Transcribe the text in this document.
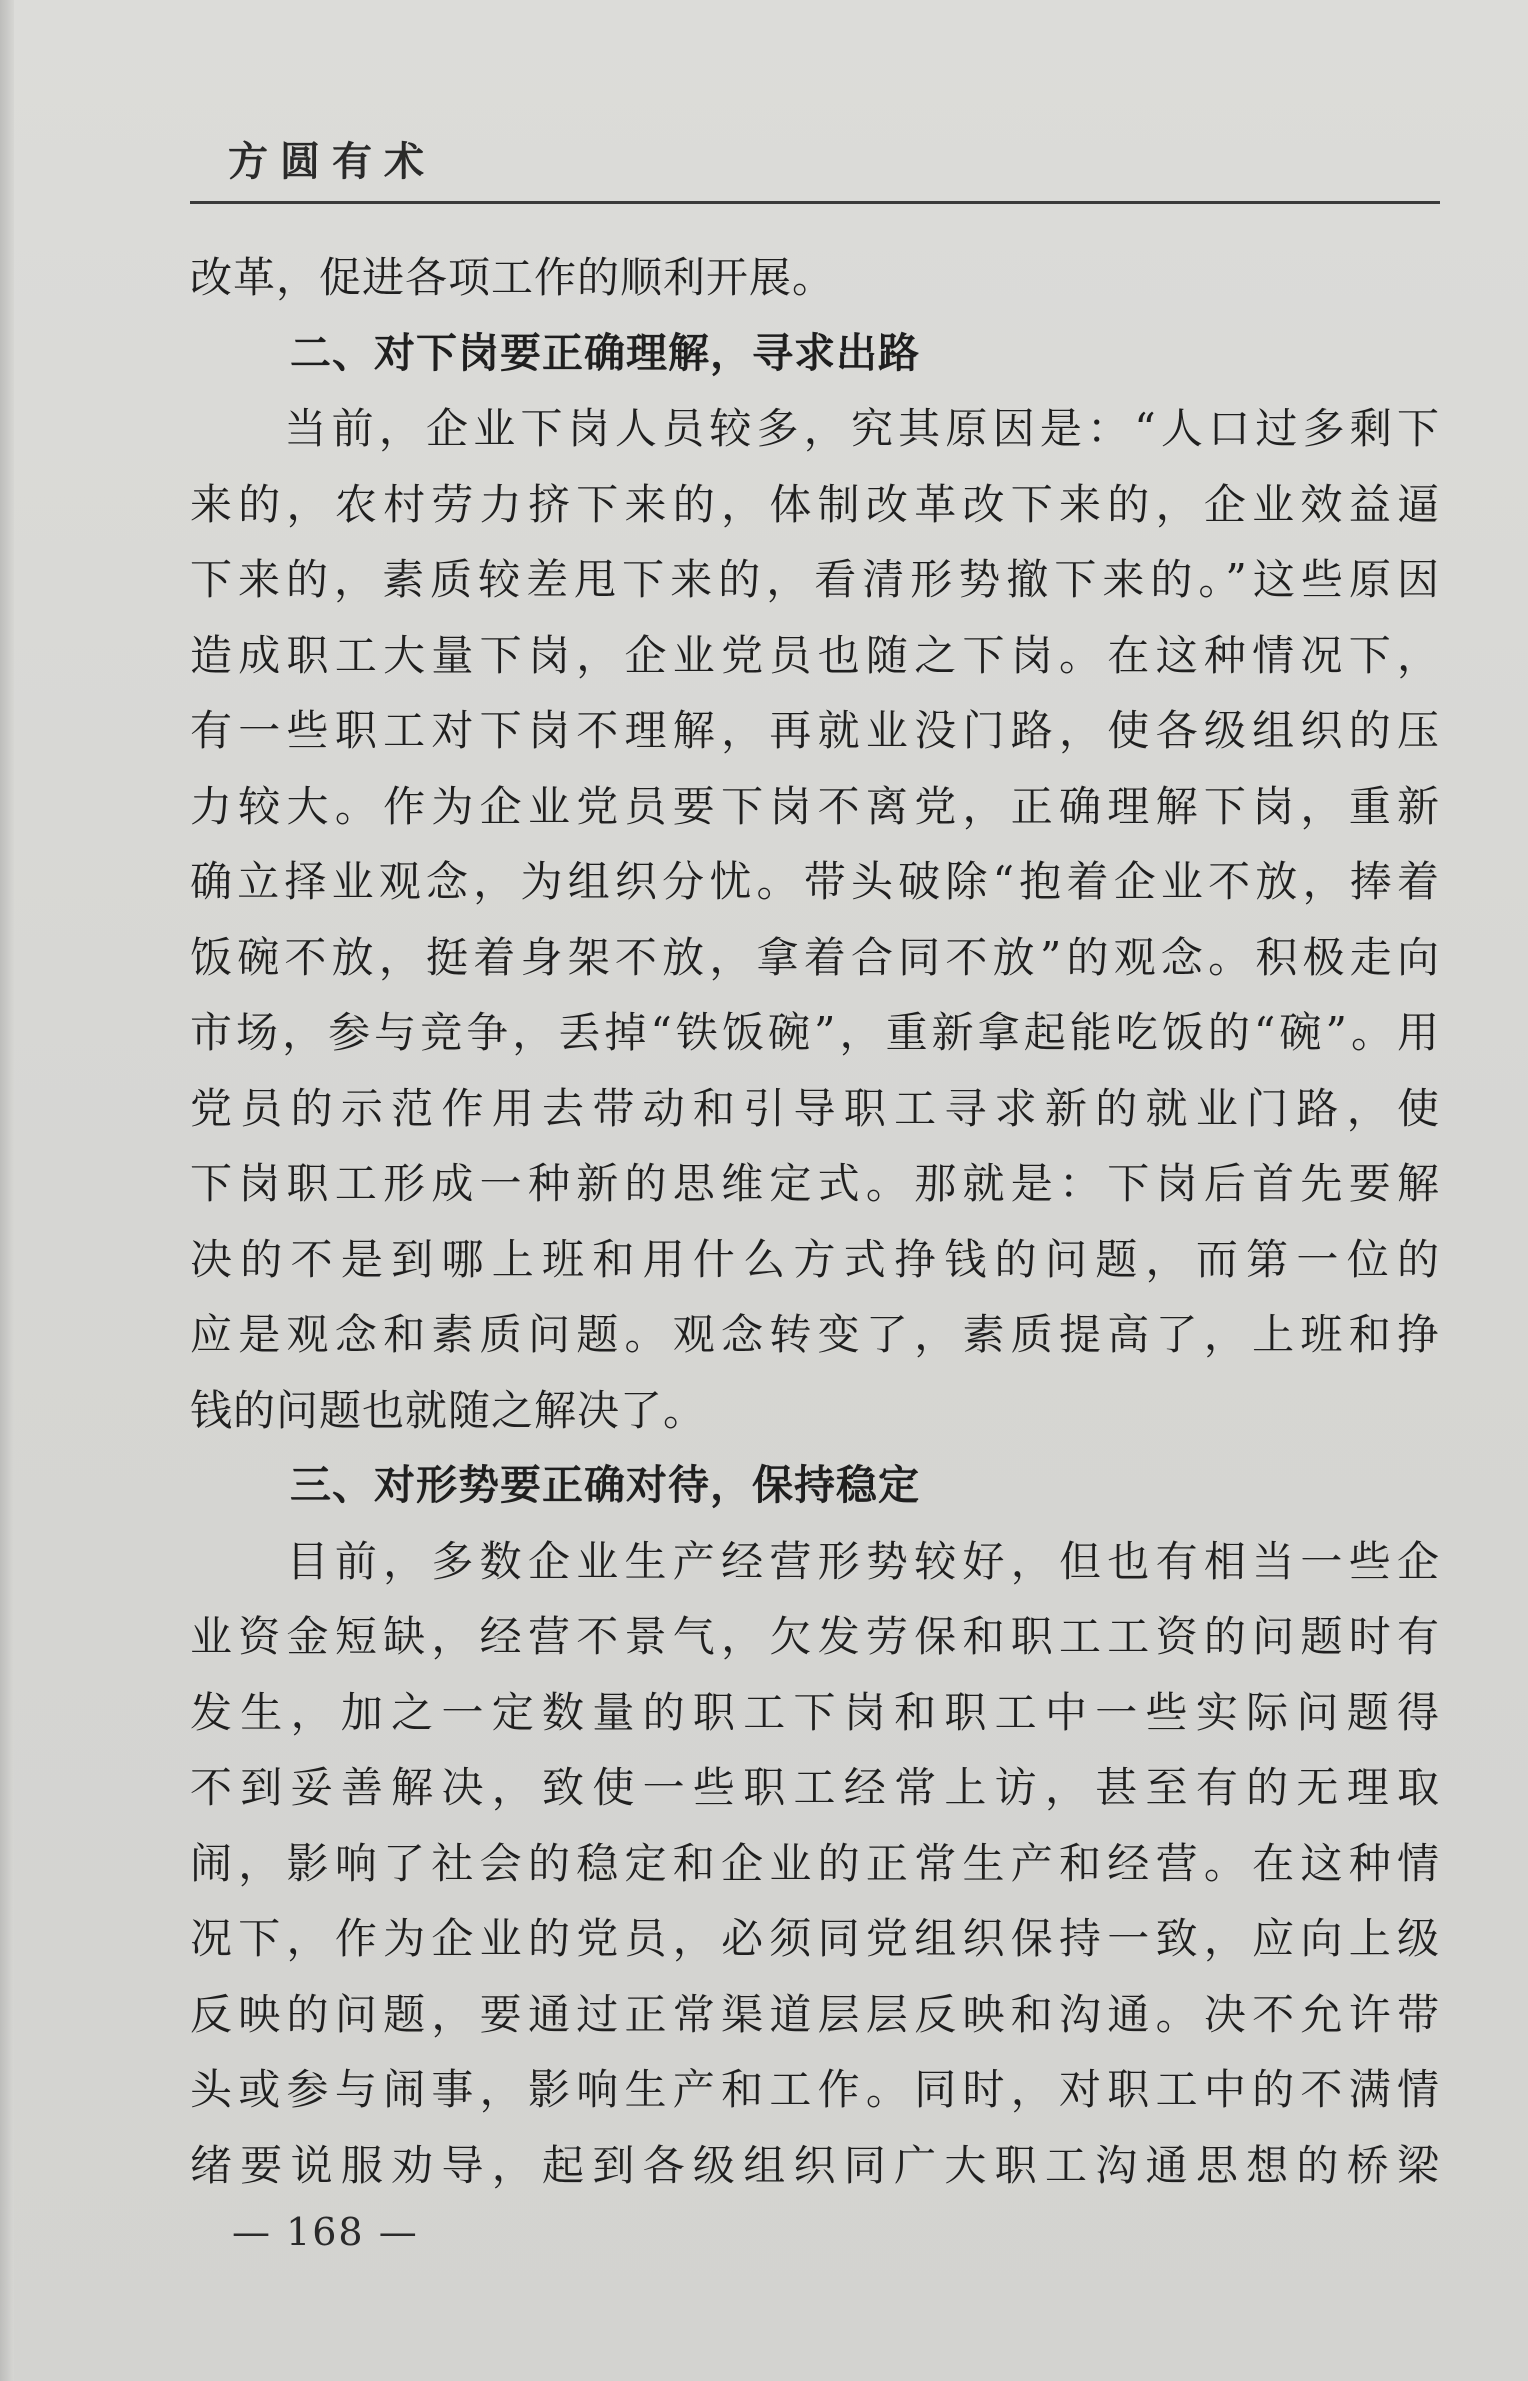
方圆有术
改革，促进各项工作的顺利开展。
二、对下岗要正确理解，寻求出路
　　当前，企业下岗人员较多，究其原因是：“人口过多剩下
来的，农村劳力挤下来的，体制改革改下来的，企业效益逼
下来的，素质较差甩下来的，看清形势撤下来的。”这些原因
造成职工大量下岗，企业党员也随之下岗。在这种情况下，
有一些职工对下岗不理解，再就业没门路，使各级组织的压
力较大。作为企业党员要下岗不离党，正确理解下岗，重新
确立择业观念，为组织分忧。带头破除“抱着企业不放，捧着
饭碗不放，挺着身架不放，拿着合同不放”的观念。积极走向
市场，参与竞争，丢掉“铁饭碗”，重新拿起能吃饭的“碗”。用
党员的示范作用去带动和引导职工寻求新的就业门路，使
下岗职工形成一种新的思维定式。那就是：下岗后首先要解
决的不是到哪上班和用什么方式挣钱的问题，而第一位的
应是观念和素质问题。观念转变了，素质提高了，上班和挣
钱的问题也就随之解决了。
三、对形势要正确对待，保持稳定
　　目前，多数企业生产经营形势较好，但也有相当一些企
业资金短缺，经营不景气，欠发劳保和职工工资的问题时有
发生，加之一定数量的职工下岗和职工中一些实际问题得
不到妥善解决，致使一些职工经常上访，甚至有的无理取
闹，影响了社会的稳定和企业的正常生产和经营。在这种情
况下，作为企业的党员，必须同党组织保持一致，应向上级
反映的问题，要通过正常渠道层层反映和沟通。决不允许带
头或参与闹事，影响生产和工作。同时，对职工中的不满情
绪要说服劝导，起到各级组织同广大职工沟通思想的桥梁
— 168 —
